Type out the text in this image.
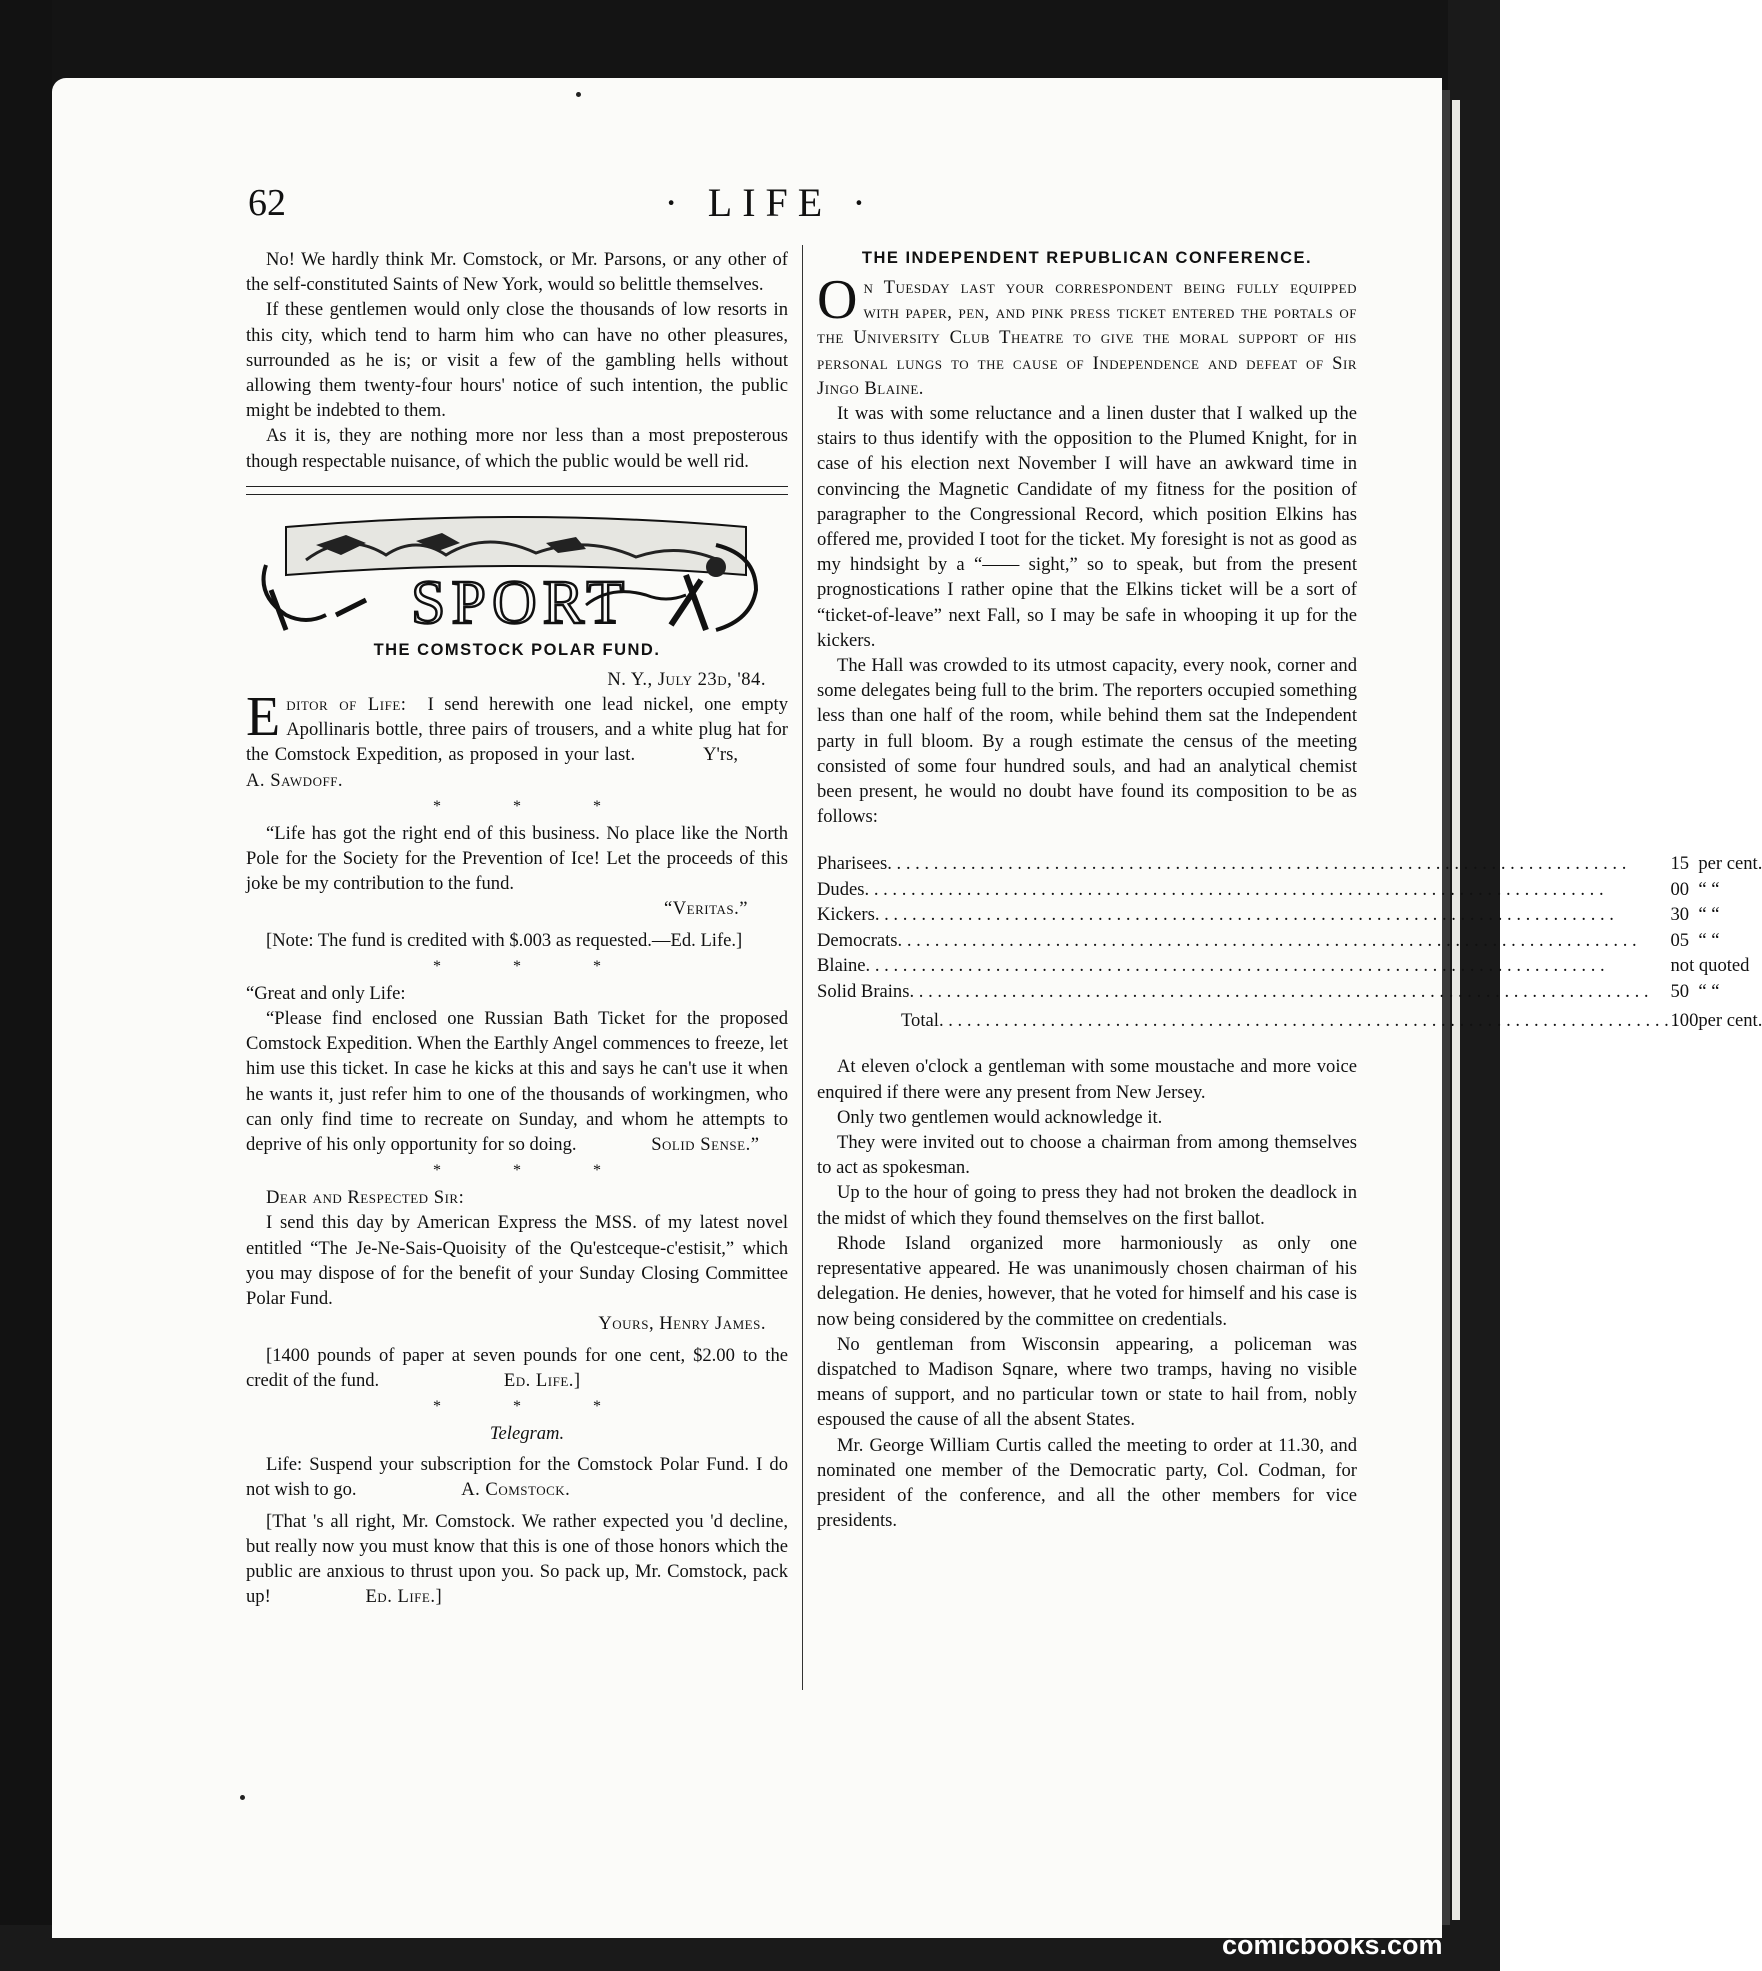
62	· LIFE ·

No! We hardly think Mr. Comstock, or Mr. Parsons, or any other of the self-constituted Saints of New York, would so belittle themselves.

If these gentlemen would only close the thousands of low resorts in this city, which tend to harm him who can have no other pleasures, surrounded as he is; or visit a few of the gambling hells without allowing them twenty-four hours' notice of such intention, the public might be indebted to them.

As it is, they are nothing more nor less than a most preposterous though respectable nuisance, of which the public would be well rid.

SPORT
THE COMSTOCK POLAR FUND.

N. Y., July 23d, '84.

Editor of Life: I send herewith one lead nickel, one empty Apollinaris bottle, three pairs of trousers, and a white plug hat for the Comstock Expedition, as proposed in your last.	Y'rs, A. Sawdoff.

* * *

“Life has got the right end of this business. No place like the North Pole for the Society for the Prevention of Ice! Let the proceeds of this joke be my contribution to the fund.

“Veritas.”

[Note: The fund is credited with $.003 as requested.—Ed. Life.]

* * *

“Great and only Life:

“Please find enclosed one Russian Bath Ticket for the proposed Comstock Expedition. When the Earthly Angel commences to freeze, let him use this ticket. In case he kicks at this and says he can't use it when he wants it, just refer him to one of the thousands of workingmen, who can only find time to recreate on Sunday, and whom he attempts to deprive of his only opportunity for so doing.	Solid Sense.”

* * *

Dear and Respected Sir:

I send this day by American Express the MSS. of my latest novel entitled “The Je-Ne-Sais-Quoisity of the Qu'estceque-c'estisit,” which you may dispose of for the benefit of your Sunday Closing Committee Polar Fund.

Yours, Henry James.

[1400 pounds of paper at seven pounds for one cent, $2.00 to the credit of the fund.	Ed. Life.]

* * *

Telegram.

Life: Suspend your subscription for the Comstock Polar Fund. I do not wish to go.	A. Comstock.

[That 's all right, Mr. Comstock. We rather expected you 'd decline, but really now you must know that this is one of those honors which the public are anxious to thrust upon you. So pack up, Mr. Comstock, pack up!	Ed. Life.]

THE INDEPENDENT REPUBLICAN CONFERENCE.

On Tuesday last your correspondent being fully equipped with paper, pen, and pink press ticket entered the portals of the University Club Theatre to give the moral support of his personal lungs to the cause of Independence and defeat of Sir Jingo Blaine.

It was with some reluctance and a linen duster that I walked up the stairs to thus identify with the opposition to the Plumed Knight, for in case of his election next November I will have an awkward time in convincing the Magnetic Candidate of my fitness for the position of paragrapher to the Congressional Record, which position Elkins has offered me, provided I toot for the ticket. My foresight is not as good as my hindsight by a “—— sight,” so to speak, but from the present prognostications I rather opine that the Elkins ticket will be a sort of “ticket-of-leave” next Fall, so I may be safe in whooping it up for the kickers.

The Hall was crowded to its utmost capacity, every nook, corner and some delegates being full to the brim. The reporters occupied something less than one half of the room, while behind them sat the Independent party in full bloom. By a rough estimate the census of the meeting consisted of some four hundred souls, and had an analytical chemist been present, he would no doubt have found its composition to be as follows:

Pharisees. . . . . . . . . . . . . . . . . . . . . . . . . . . . . . . . . . . . . . . . . . . . . . . . . . . . . . . . . . . . . . . . . . . . . . . . . . . . . . . .	15	per cent.
Dudes. . . . . . . . . . . . . . . . . . . . . . . . . . . . . . . . . . . . . . . . . . . . . . . . . . . . . . . . . . . . . . . . . . . . . . . . . . . . . . . .	00	“ “
Kickers. . . . . . . . . . . . . . . . . . . . . . . . . . . . . . . . . . . . . . . . . . . . . . . . . . . . . . . . . . . . . . . . . . . . . . . . . . . . . . . .	30	“ “
Democrats. . . . . . . . . . . . . . . . . . . . . . . . . . . . . . . . . . . . . . . . . . . . . . . . . . . . . . . . . . . . . . . . . . . . . . . . . . . . . . . .	05	“ “
Blaine. . . . . . . . . . . . . . . . . . . . . . . . . . . . . . . . . . . . . . . . . . . . . . . . . . . . . . . . . . . . . . . . . . . . . . . . . . . . . . . .	not quoted	
Solid Brains. . . . . . . . . . . . . . . . . . . . . . . . . . . . . . . . . . . . . . . . . . . . . . . . . . . . . . . . . . . . . . . . . . . . . . . . . . . . . . . .	50	“ “
Total. . . . . . . . . . . . . . . . . . . . . . . . . . . . . . . . . . . . . . . . . . . . . . . . . . . . . . . . . . . . . . . . . . . . . . . . . . . . . . . .	100	per cent.

At eleven o'clock a gentleman with some moustache and more voice enquired if there were any present from New Jersey.

Only two gentlemen would acknowledge it.

They were invited out to choose a chairman from among themselves to act as spokesman.

Up to the hour of going to press they had not broken the deadlock in the midst of which they found themselves on the first ballot.

Rhode Island organized more harmoniously as only one representative appeared. He was unanimously chosen chairman of his delegation. He denies, however, that he voted for himself and his case is now being considered by the committee on credentials.

No gentleman from Wisconsin appearing, a policeman was dispatched to Madison Sqnare, where two tramps, having no visible means of support, and no particular town or state to hail from, nobly espoused the cause of all the absent States.

Mr. George William Curtis called the meeting to order at 11.30, and nominated one member of the Democratic party, Col. Codman, for president of the conference, and all the other members for vice presidents.

comicbooks.com
